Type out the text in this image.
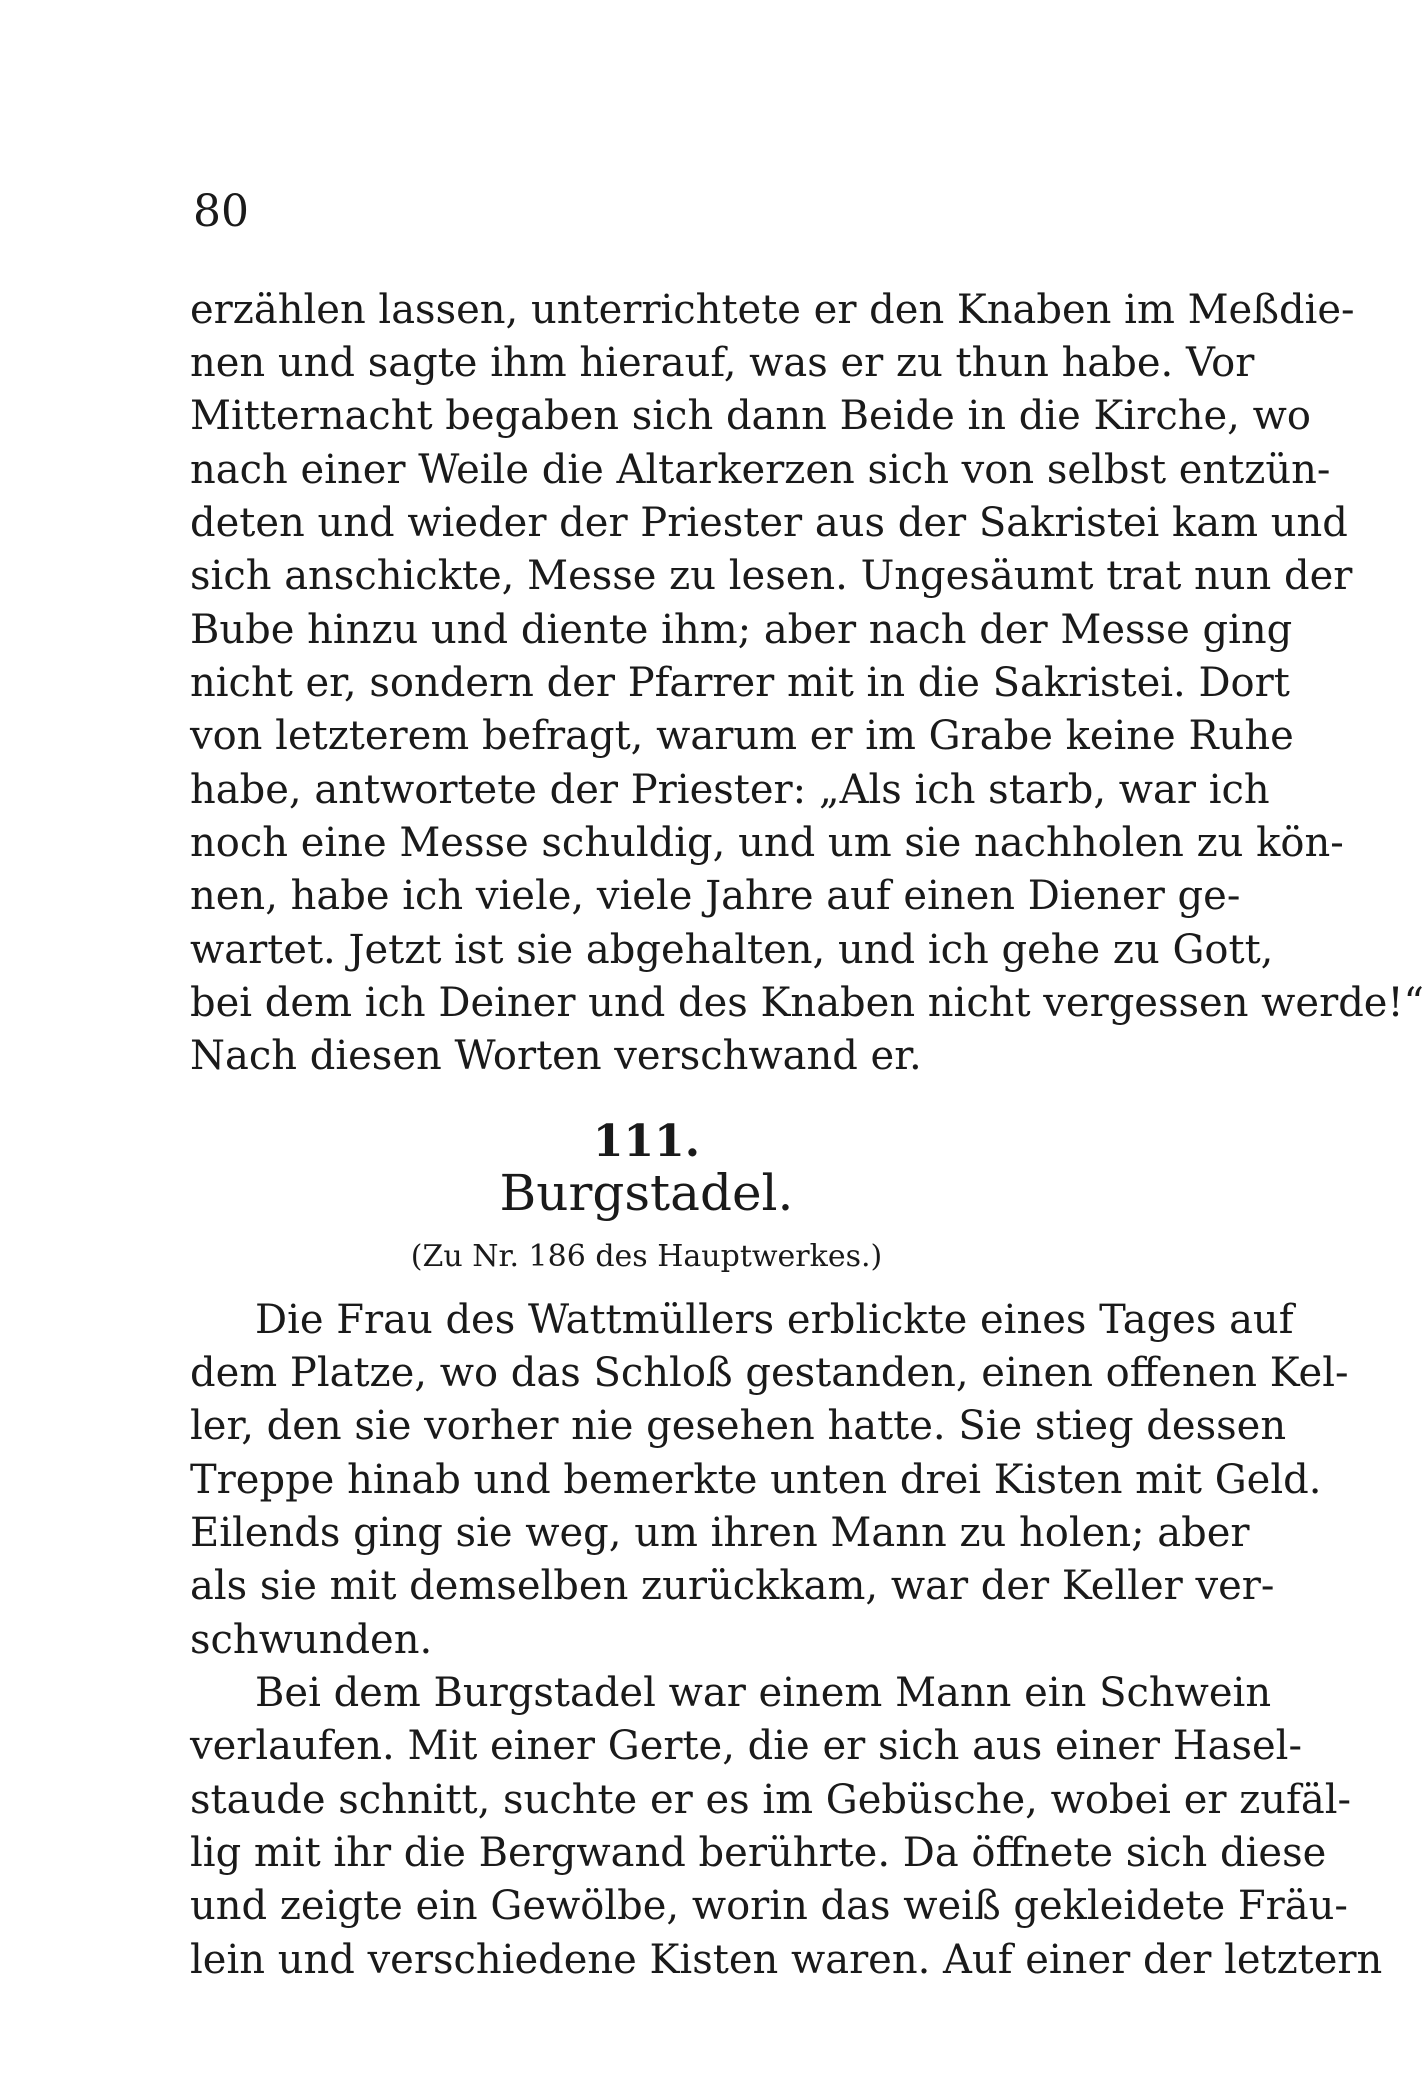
80
erzählen lassen, unterrichtete er den Knaben im Meßdie-
nen und sagte ihm hierauf, was er zu thun habe. Vor
Mitternacht begaben sich dann Beide in die Kirche, wo
nach einer Weile die Altarkerzen sich von selbst entzün-
deten und wieder der Priester aus der Sakristei kam und
sich anschickte, Messe zu lesen. Ungesäumt trat nun der
Bube hinzu und diente ihm; aber nach der Messe ging
nicht er, sondern der Pfarrer mit in die Sakristei. Dort
von letzterem befragt, warum er im Grabe keine Ruhe
habe, antwortete der Priester: „Als ich starb, war ich
noch eine Messe schuldig, und um sie nachholen zu kön-
nen, habe ich viele, viele Jahre auf einen Diener ge-
wartet. Jetzt ist sie abgehalten, und ich gehe zu Gott,
bei dem ich Deiner und des Knaben nicht vergessen werde!“
Nach diesen Worten verschwand er.
111.
Burgstadel.
(Zu Nr. 186 des Hauptwerkes.)
Die Frau des Wattmüllers erblickte eines Tages auf
dem Platze, wo das Schloß gestanden, einen offenen Kel-
ler, den sie vorher nie gesehen hatte. Sie stieg dessen
Treppe hinab und bemerkte unten drei Kisten mit Geld.
Eilends ging sie weg, um ihren Mann zu holen; aber
als sie mit demselben zurückkam, war der Keller ver-
schwunden.
Bei dem Burgstadel war einem Mann ein Schwein
verlaufen. Mit einer Gerte, die er sich aus einer Hasel-
staude schnitt, suchte er es im Gebüsche, wobei er zufäl-
lig mit ihr die Bergwand berührte. Da öffnete sich diese
und zeigte ein Gewölbe, worin das weiß gekleidete Fräu-
lein und verschiedene Kisten waren. Auf einer der letztern
